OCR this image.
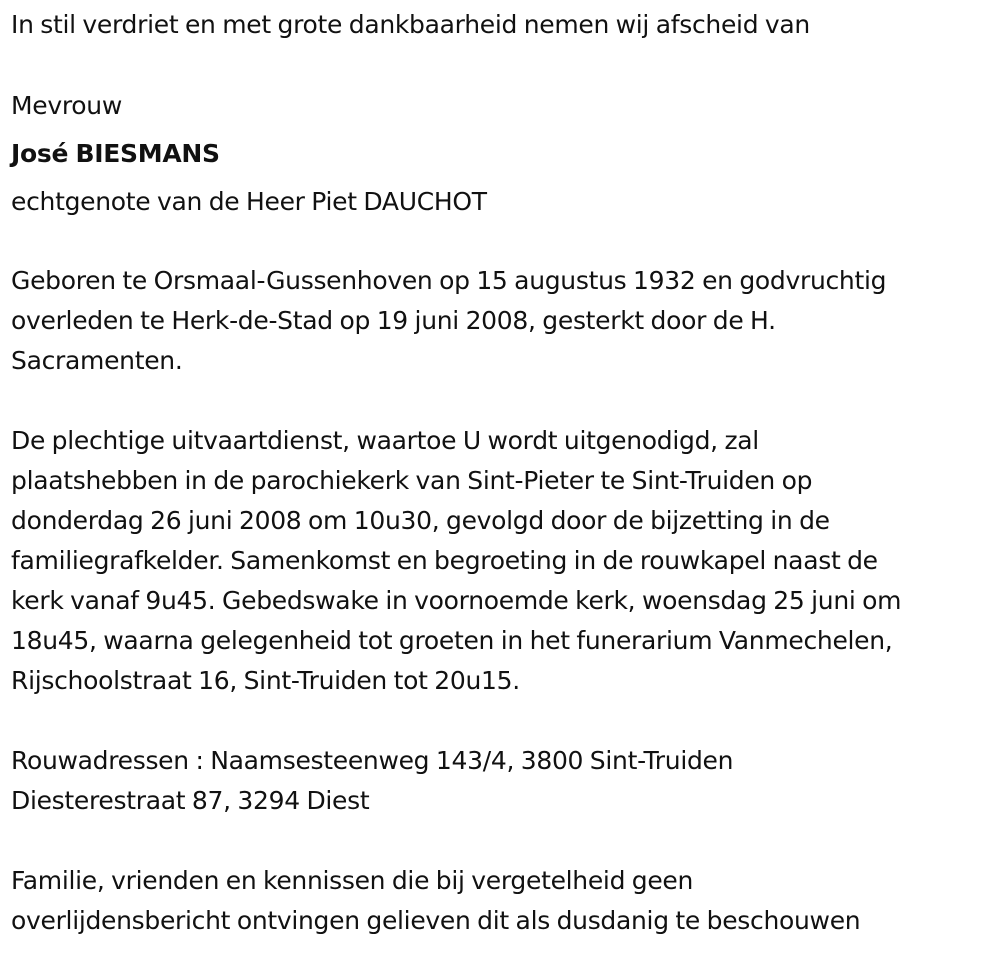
In stil verdriet en met grote dankbaarheid nemen wij afscheid van
Mevrouw
José BIESMANS
echtgenote van de Heer Piet DAUCHOT
Geboren te Orsmaal-Gussenhoven op 15 augustus 1932 en godvruchtig
overleden te Herk-de-Stad op 19 juni 2008, gesterkt door de H.
Sacramenten.
De plechtige uitvaartdienst, waartoe U wordt uitgenodigd, zal
plaatshebben in de parochiekerk van Sint-Pieter te Sint-Truiden op
donderdag 26 juni 2008 om 10u30, gevolgd door de bijzetting in de
familiegrafkelder. Samenkomst en begroeting in de rouwkapel naast de
kerk vanaf 9u45. Gebedswake in voornoemde kerk, woensdag 25 juni om
18u45, waarna gelegenheid tot groeten in het funerarium Vanmechelen,
Rijschoolstraat 16, Sint-Truiden tot 20u15.
Rouwadressen : Naamsesteenweg 143/4, 3800 Sint-Truiden
Diesterestraat 87, 3294 Diest
Familie, vrienden en kennissen die bij vergetelheid geen
overlijdensbericht ontvingen gelieven dit als dusdanig te beschouwen
